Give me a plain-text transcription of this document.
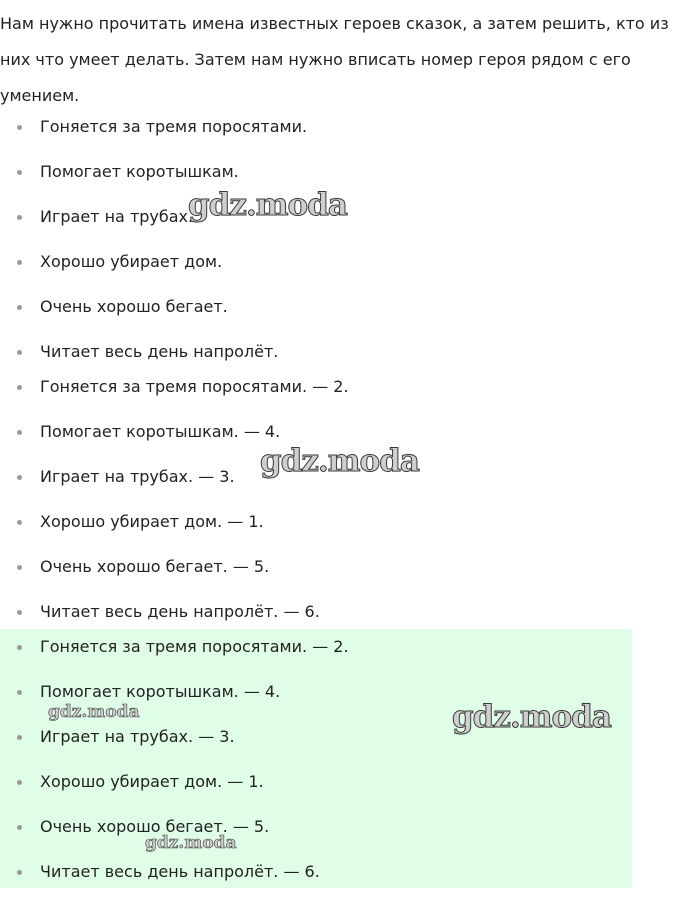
Нам нужно прочитать имена известных героев сказок, а затем решить, кто из них что умеет делать. Затем нам нужно вписать номер героя рядом с его умением.

Гоняется за тремя поросятами.
Помогает коротышкам.
Играет на трубах.
Хорошо убирает дом.
Очень хорошо бегает.
Читает весь день напролёт.
Гоняется за тремя поросятами. — 2.
Помогает коротышкам. — 4.
Играет на трубах. — 3.
Хорошо убирает дом. — 1.
Очень хорошо бегает. — 5.
Читает весь день напролёт. — 6.
Гоняется за тремя поросятами. — 2.
Помогает коротышкам. — 4.
Играет на трубах. — 3.
Хорошо убирает дом. — 1.
Очень хорошо бегает. — 5.
Читает весь день напролёт. — 6.
gdz.moda
gdz.moda
gdz.moda
gdz.moda
gdz.moda
